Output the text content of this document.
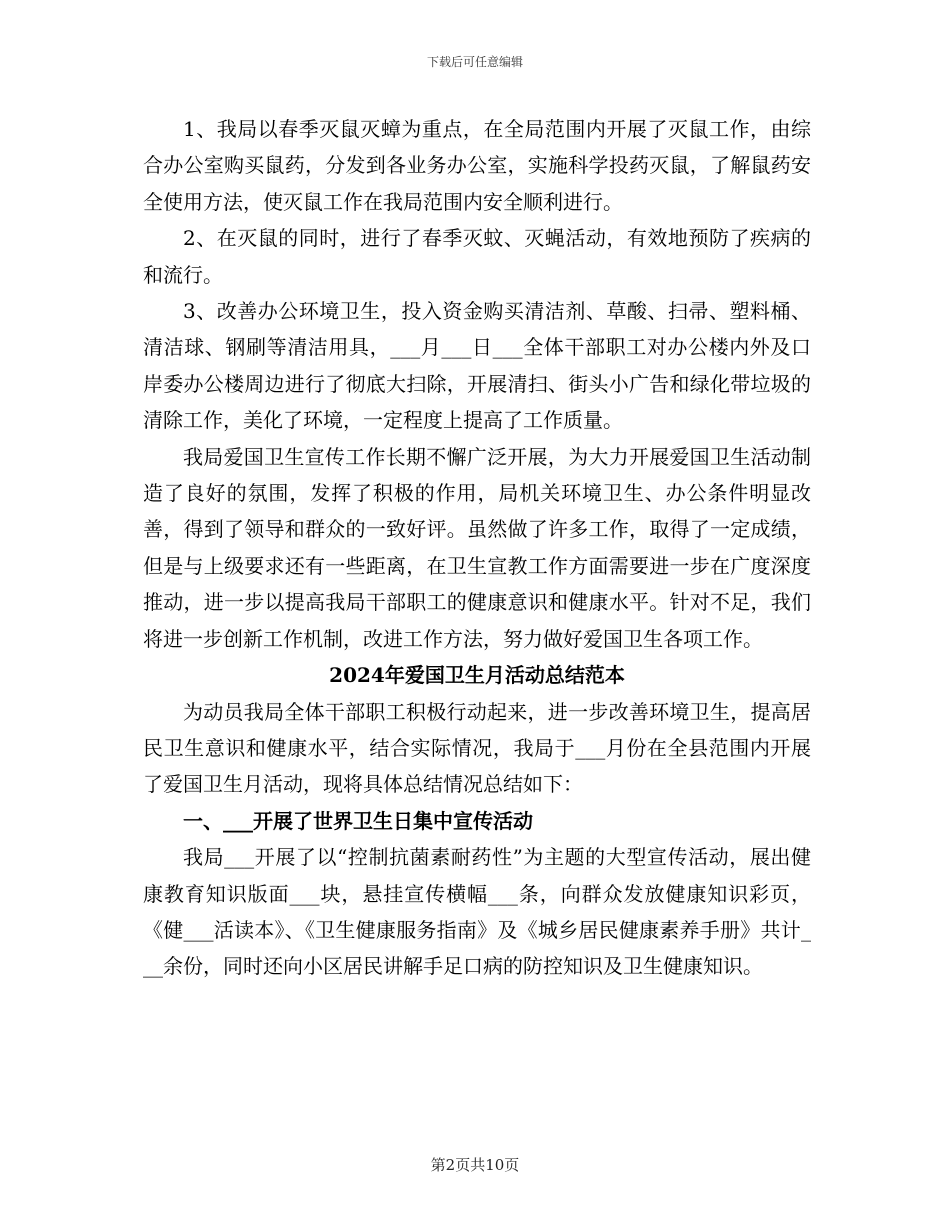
下载后可任意编辑

1、我局以春季灭鼠灭蟑为重点，在全局范围内开展了灭鼠工作，由综合办公室购买鼠药，分发到各业务办公室，实施科学投药灭鼠，了解鼠药安全使用方法，使灭鼠工作在我局范围内安全顺利进行。

2、在灭鼠的同时，进行了春季灭蚊、灭蝇活动，有效地预防了疾病的和流行。

3、改善办公环境卫生，投入资金购买清洁剂、草酸、扫帚、塑料桶、清洁球、钢刷等清洁用具，___月___日___全体干部职工对办公楼内外及口岸委办公楼周边进行了彻底大扫除，开展清扫、街头小广告和绿化带垃圾的清除工作，美化了环境，一定程度上提高了工作质量。

我局爱国卫生宣传工作长期不懈广泛开展，为大力开展爱国卫生活动制造了良好的氛围，发挥了积极的作用，局机关环境卫生、办公条件明显改善，得到了领导和群众的一致好评。虽然做了许多工作，取得了一定成绩，但是与上级要求还有一些距离，在卫生宣教工作方面需要进一步在广度深度推动，进一步以提高我局干部职工的健康意识和健康水平。针对不足，我们将进一步创新工作机制，改进工作方法，努力做好爱国卫生各项工作。

2024年爱国卫生月活动总结范本

为动员我局全体干部职工积极行动起来，进一步改善环境卫生，提高居民卫生意识和健康水平，结合实际情况，我局于___月份在全县范围内开展了爱国卫生月活动，现将具体总结情况总结如下：

一、___开展了世界卫生日集中宣传活动

我局___开展了以“控制抗菌素耐药性”为主题的大型宣传活动，展出健康教育知识版面___块，悬挂宣传横幅___条，向群众发放健康知识彩页，《健___活读本》、《卫生健康服务指南》及《城乡居民健康素养手册》共计___余份，同时还向小区居民讲解手足口病的防控知识及卫生健康知识。

第2页共10页
